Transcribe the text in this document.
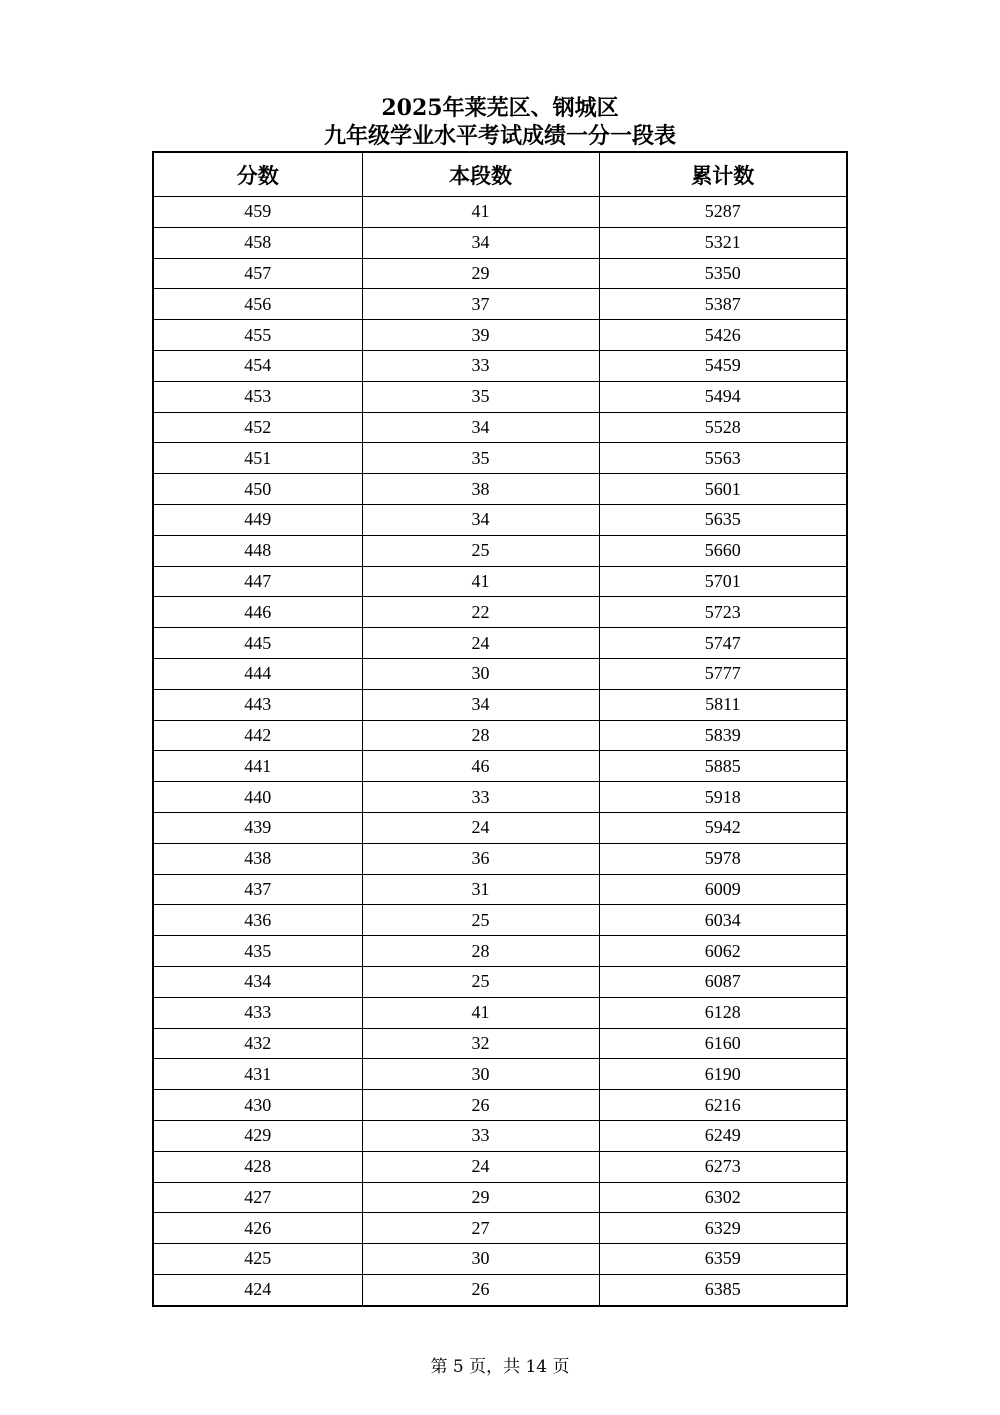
2025年莱芜区、钢城区
九年级学业水平考试成绩一分一段表
分数	本段数	累计数
459	41	5287
458	34	5321
457	29	5350
456	37	5387
455	39	5426
454	33	5459
453	35	5494
452	34	5528
451	35	5563
450	38	5601
449	34	5635
448	25	5660
447	41	5701
446	22	5723
445	24	5747
444	30	5777
443	34	5811
442	28	5839
441	46	5885
440	33	5918
439	24	5942
438	36	5978
437	31	6009
436	25	6034
435	28	6062
434	25	6087
433	41	6128
432	32	6160
431	30	6190
430	26	6216
429	33	6249
428	24	6273
427	29	6302
426	27	6329
425	30	6359
424	26	6385
第 5 页，共 14 页
